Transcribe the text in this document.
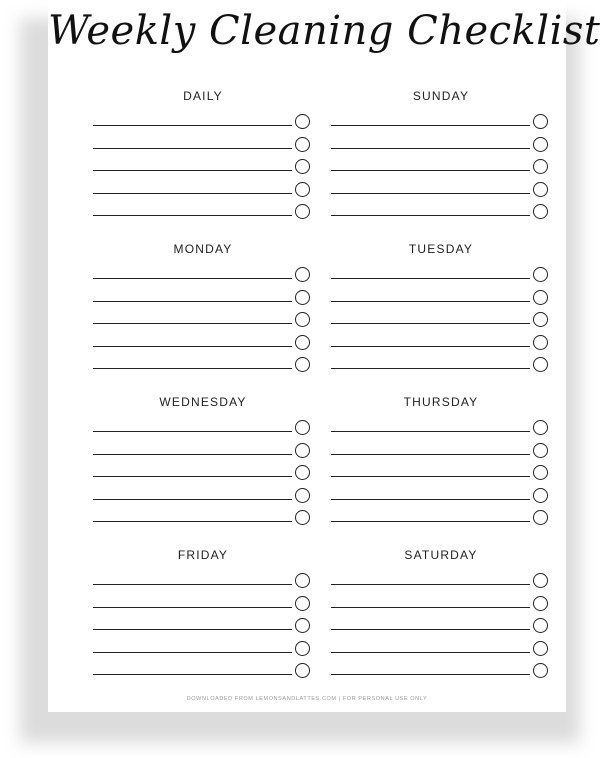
Weekly Cleaning Checklist
DAILY	SUNDAY
MONDAY	TUESDAY
WEDNESDAY	THURSDAY
FRIDAY	SATURDAY
DOWNLOADED FROM LEMONSANDLATTES.COM | FOR PERSONAL USE ONLY
